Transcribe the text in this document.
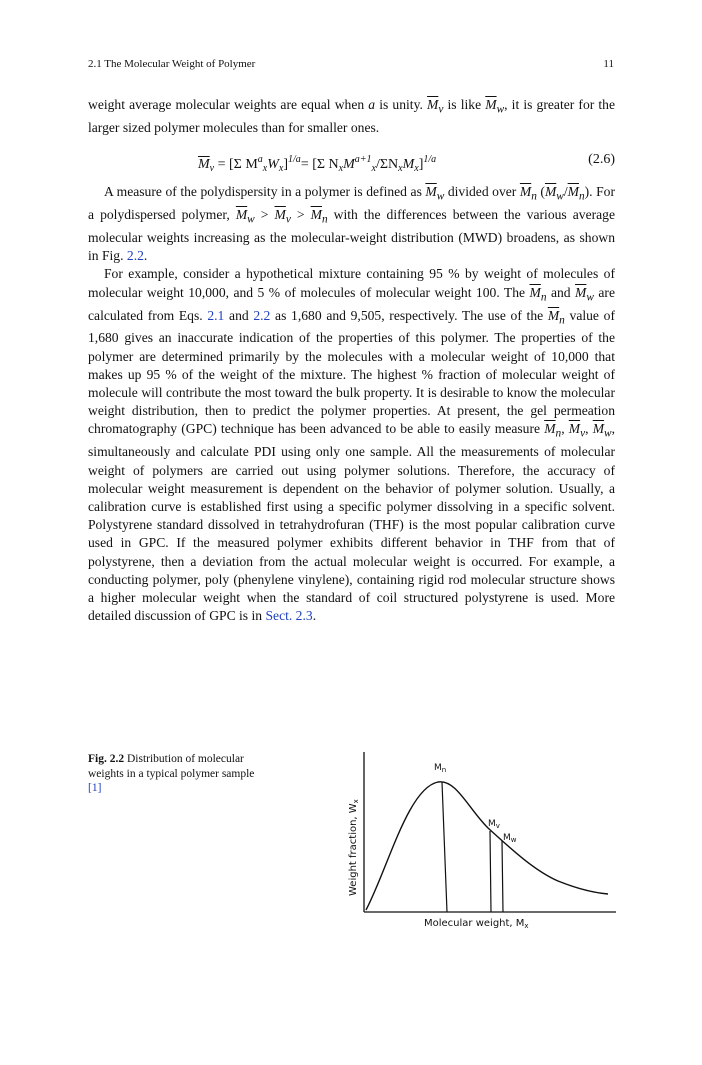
2.1 The Molecular Weight of Polymer	11

weight average molecular weights are equal when a is unity. $\overline{M}_v$ is like $\overline{M}_w$, it is greater for the larger sized polymer molecules than for smaller ones.

$\overline{M}_v = [\Sigma$ $M^a_xW_x]^{1/a}= [\Sigma$ $N_xM^{a+1}_x/\Sigma N_xM_x]^{1/a}$	(2.6)

A measure of the polydispersity in a polymer is defined as $\overline{M}_w$ divided over $\overline{M}_n$ $(\overline{M}_w/\overline{M}_n)$. For a polydispersed polymer, $\overline{M}_w > \overline{M}_v > \overline{M}_n$ with the differences between the various average molecular weights increasing as the molecular-weight distribution (MWD) broadens, as shown in Fig. 2.2.

For example, consider a hypothetical mixture containing 95 % by weight of molecules of molecular weight 10,000, and 5 % of molecules of molecular weight 100. The $\overline{M}_n$ and $\overline{M}_w$ are calculated from Eqs. 2.1 and 2.2 as 1,680 and 9,505, respectively. The use of the $\overline{M}_n$ value of 1,680 gives an inaccurate indication of the properties of this polymer. The properties of the polymer are determined primarily by the molecules with a molecular weight of 10,000 that makes up 95 % of the weight of the mixture. The highest % fraction of molecular weight of molecule will contribute the most toward the bulk property. It is desirable to know the molecular weight distribution, then to predict the polymer properties. At present, the gel permeation chromatography (GPC) technique has been advanced to be able to easily measure $\overline{M}_n$, $\overline{M}_v$, $\overline{M}_w$, simultaneously and calculate PDI using only one sample. All the measurements of molecular weight of polymers are carried out using polymer solutions. Therefore, the accuracy of molecular weight measurement is dependent on the behavior of polymer solution. Usually, a calibration curve is established first using a specific polymer dissolving in a specific solvent. Polystyrene standard dissolved in tetrahydrofuran (THF) is the most popular calibration curve used in GPC. If the measured polymer exhibits different behavior in THF from that of polystyrene, then a deviation from the actual molecular weight is occurred. For example, a conducting polymer, poly (phenylene vinylene), containing rigid rod molecular structure shows a higher molecular weight when the standard of coil structured polystyrene is used. More detailed discussion of GPC is in Sect. 2.3.

Fig. 2.2 Distribution of molecular weights in a typical polymer sample [1]
$M_n$
$M_v$
$M_w$
Weight fraction, $W_x$
Molecular weight, $M_x$
